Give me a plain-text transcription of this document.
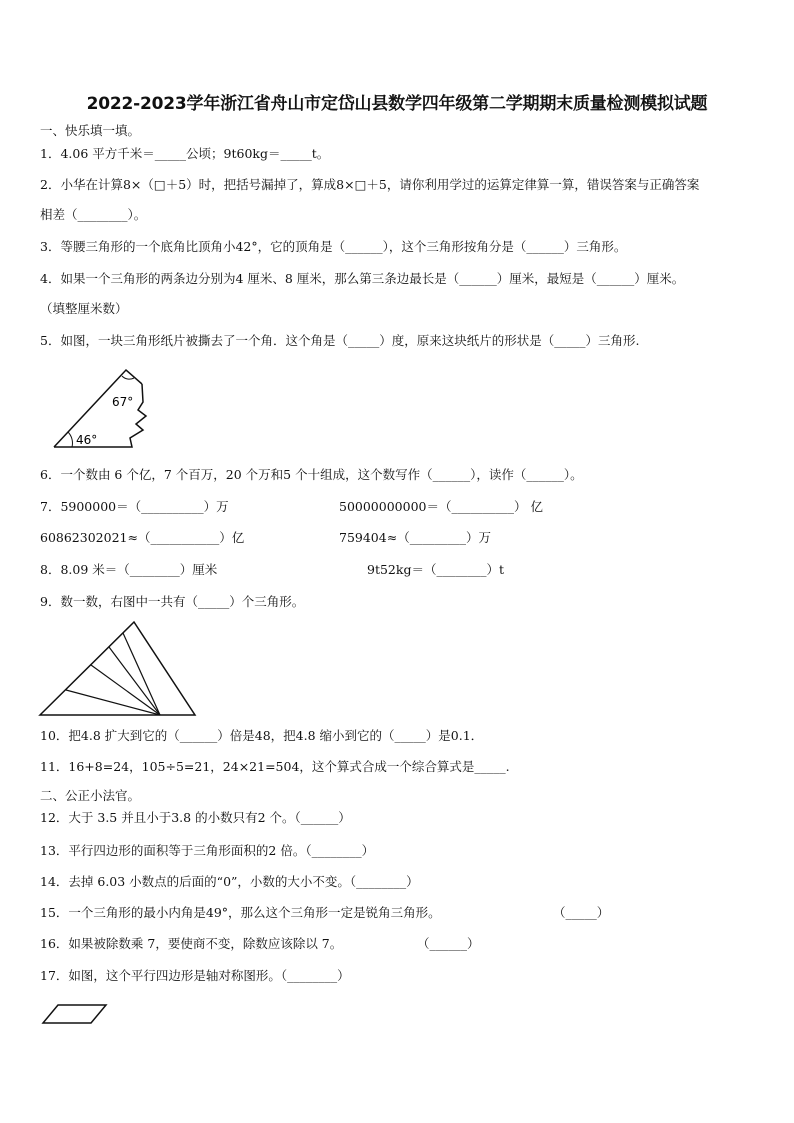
2022-2023学年浙江省舟山市定岱山县数学四年级第二学期期末质量检测模拟试题
一、快乐填一填。
1．4.06 平方千米＝_____公顷；9t60kg＝_____t。
2．小华在计算8×（□＋5）时，把括号漏掉了，算成8×□＋5，请你利用学过的运算定律算一算，错误答案与正确答案
相差（________）。
3．等腰三角形的一个底角比顶角小42°，它的顶角是（______），这个三角形按角分是（______）三角形。
4．如果一个三角形的两条边分别为4 厘米、8 厘米，那么第三条边最长是（______）厘米，最短是（______）厘米。
（填整厘米数）
5．如图，一块三角形纸片被撕去了一个角．这个角是（_____）度，原来这块纸片的形状是（_____）三角形.
67°
46°
6．一个数由 6 个亿，7 个百万，20 个万和5 个十组成，这个数写作（______），读作（______）。
7．5900000＝（__________）万	50000000000＝（__________） 亿
60862302021≈（___________）亿	759404≈（_________）万
8．8.09 米＝（________）厘米	9t52kg＝（________）t
9．数一数，右图中一共有（_____）个三角形。
10．把4.8 扩大到它的（______）倍是48，把4.8 缩小到它的（_____）是0.1．
11．16+8=24，105÷5=21，24×21=504，这个算式合成一个综合算式是_____.
二、公正小法官。
12．大于 3.5 并且小于3.8 的小数只有2 个。（______）
13．平行四边形的面积等于三角形面积的2 倍。（________）
14．去掉 6.03 小数点的后面的“0”，小数的大小不变。（________）
15．一个三角形的最小内角是49°，那么这个三角形一定是锐角三角形。	（_____）
16．如果被除数乘 7，要使商不变，除数应该除以 7。	（______）
17．如图，这个平行四边形是轴对称图形。（________）
